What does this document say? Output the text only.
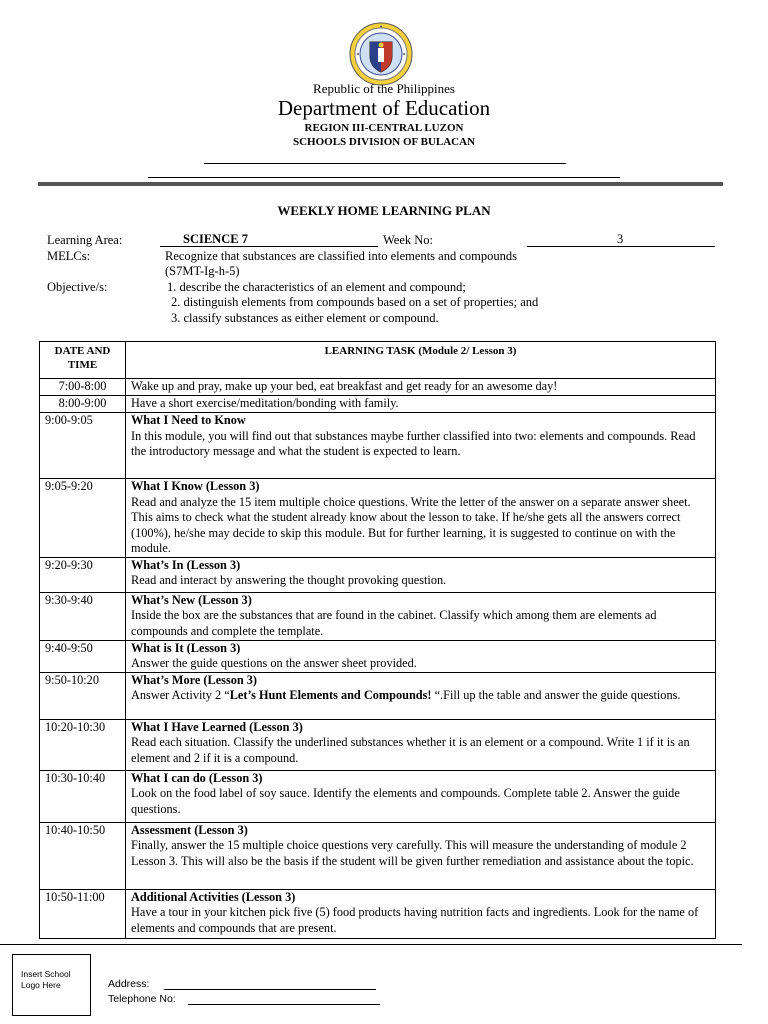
Republic of the Philippines
Department of Education
REGION III-CENTRAL LUZON
SCHOOLS DIVISION OF BULACAN
WEEKLY HOME LEARNING PLAN
Learning Area:	SCIENCE 7	Week No:	3
MELCs:	Recognize that substances are classified into elements and compounds
(S7MT-Ig-h-5)
Objective/s:	1. describe the characteristics of an element and compound;
2. distinguish elements from compounds based on a set of properties; and
3. classify substances as either element or compound.
DATE AND TIME	LEARNING TASK (Module 2/ Lesson 3)
7:00-8:00	Wake up and pray, make up your bed, eat breakfast and get ready for an awesome day!
8:00-9:00	Have a short exercise/meditation/bonding with family.
9:00-9:05	What I Need to Know
In this module, you will find out that substances maybe further classified into two: elements and compounds. Read the introductory message and what the student is expected to learn.

9:05-9:20	What I Know (Lesson 3)
Read and analyze the 15 item multiple choice questions. Write the letter of the answer on a separate answer sheet. This aims to check what the student already know about the lesson to take. If he/she gets all the answers correct (100%), he/she may decide to skip this module. But for further learning, it is suggested to continue on with the module.

9:20-9:30	What’s In (Lesson 3)
Read and interact by answering the thought provoking question.

9:30-9:40	What’s New (Lesson 3)
Inside the box are the substances that are found in the cabinet. Classify which among them are elements ad compounds and complete the template.

9:40-9:50	What is It (Lesson 3)
Answer the guide questions on the answer sheet provided.

9:50-10:20	What’s More (Lesson 3)
Answer Activity 2 “Let’s Hunt Elements and Compounds! “.Fill up the table and answer the guide questions.

10:20-10:30	What I Have Learned (Lesson 3)
Read each situation. Classify the underlined substances whether it is an element or a compound. Write 1 if it is an element and 2 if it is a compound.

10:30-10:40	What I can do (Lesson 3)
Look on the food label of soy sauce. Identify the elements and compounds. Complete table 2. Answer the guide questions.

10:40-10:50	Assessment (Lesson 3)
Finally, answer the 15 multiple choice questions very carefully. This will measure the understanding of module 2 Lesson 3. This will also be the basis if the student will be given further remediation and assistance about the topic.

10:50-11:00	Additional Activities (Lesson 3)
Have a tour in your kitchen pick five (5) food products having nutrition facts and ingredients. Look for the name of elements and compounds that are present.
Insert School
Logo Here	Address:
Telephone No:
